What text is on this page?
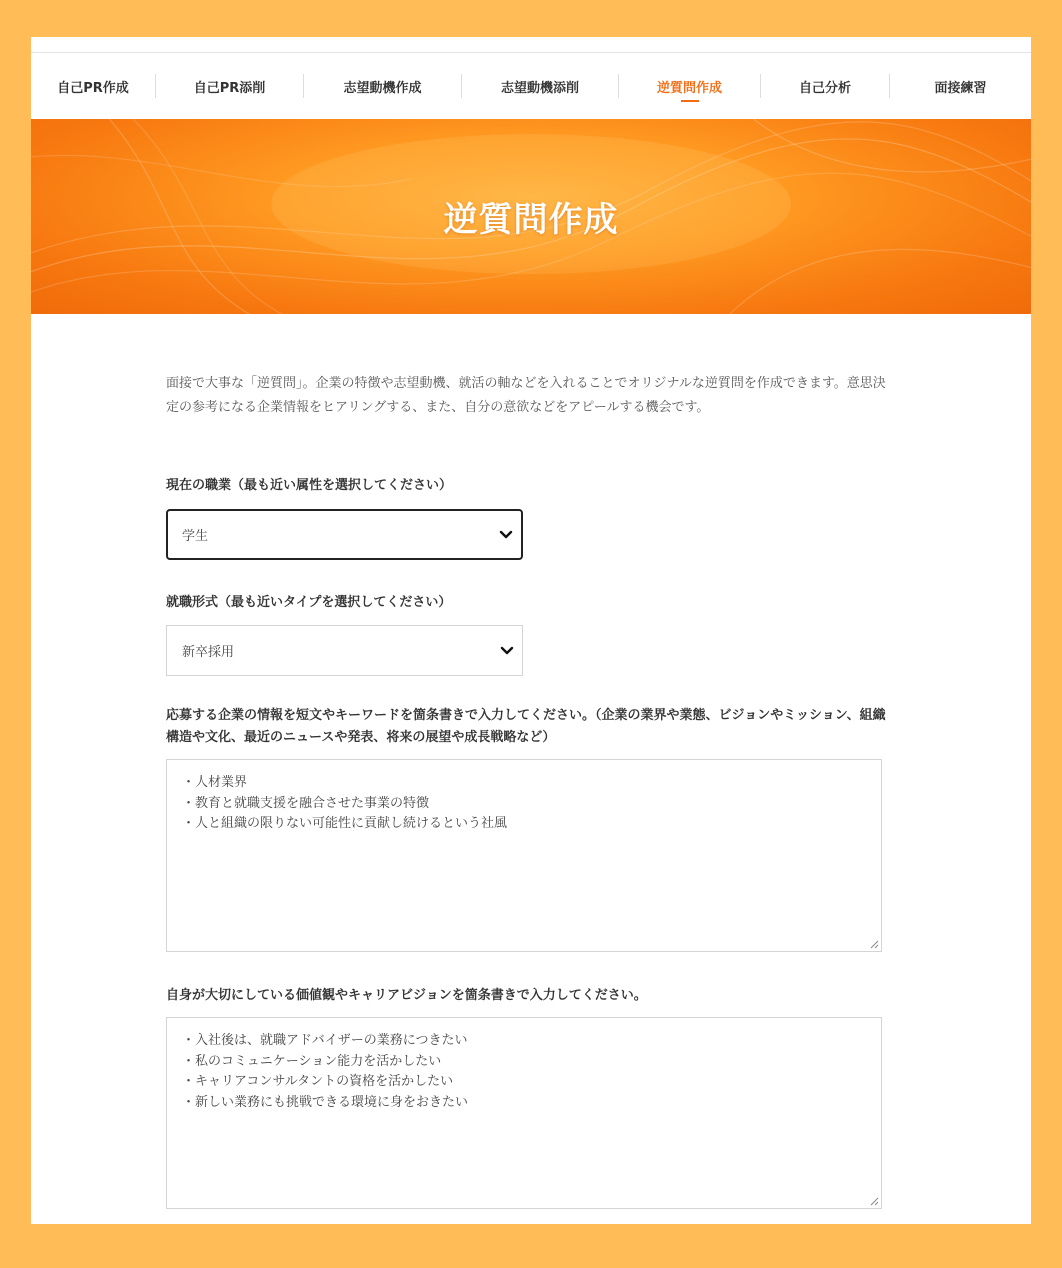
自己PR作成	自己PR添削	志望動機作成	志望動機添削	逆質問作成	自己分析	面接練習
逆質問作成

面接で大事な「逆質問」。企業の特徴や志望動機、就活の軸などを入れることでオリジナルな逆質問を作成できます。意思決定の参考になる企業情報をヒアリングする、また、自分の意欲などをアピールする機会です。

現在の職業（最も近い属性を選択してください）

学生

就職形式（最も近いタイプを選択してください）

新卒採用

応募する企業の情報を短文やキーワードを箇条書きで入力してください。（企業の業界や業態、ビジョンやミッション、組織構造や文化、最近のニュースや発表、将来の展望や成長戦略など）

・人材業界
・教育と就職支援を融合させた事業の特徴
・人と組織の限りない可能性に貢献し続けるという社風

自身が大切にしている価値観やキャリアビジョンを箇条書きで入力してください。

・入社後は、就職アドバイザーの業務につきたい
・私のコミュニケーション能力を活かしたい
・キャリアコンサルタントの資格を活かしたい
・新しい業務にも挑戦できる環境に身をおきたい
